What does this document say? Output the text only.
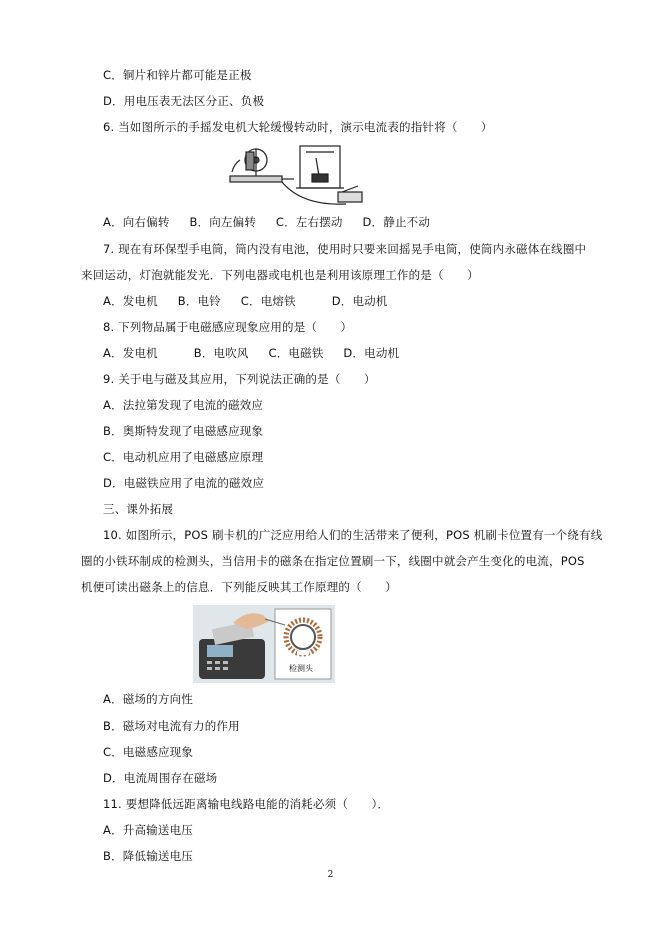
C．铜片和锌片都可能是正极
D．用电压表无法区分正、负极
6. 当如图所示的手摇发电机大轮缓慢转动时，演示电流表的指针将（　　）
A．向右偏转 B．向左偏转 C．左右摆动 D．静止不动
7. 现在有环保型手电筒，筒内没有电池，使用时只要来回摇晃手电筒，使筒内永磁体在线圈中
来回运动，灯泡就能发光．下列电器或电机也是利用该原理工作的是（　　）
A．发电机 B．电铃 C．电熔铁	D．电动机
8. 下列物品属于电磁感应现象应用的是（　　）
A．发电机	B．电吹风 C．电磁铁 D．电动机
9. 关于电与磁及其应用，下列说法正确的是（　　）
A．法拉第发现了电流的磁效应
B．奥斯特发现了电磁感应现象
C．电动机应用了电磁感应原理
D．电磁铁应用了电流的磁效应
三、课外拓展
10. 如图所示，POS 刷卡机的广泛应用给人们的生活带来了便利，POS 机刷卡位置有一个绕有线
圈的小铁环制成的检测头，当信用卡的磁条在指定位置刷一下，线圈中就会产生变化的电流，POS
机便可读出磁条上的信息．下列能反映其工作原理的（　　）
检测头
A．磁场的方向性
B．磁场对电流有力的作用
C．电磁感应现象
D．电流周围存在磁场
11. 要想降低远距离输电线路电能的消耗必须（　　）．
A．升高输送电压
B．降低输送电压
2
